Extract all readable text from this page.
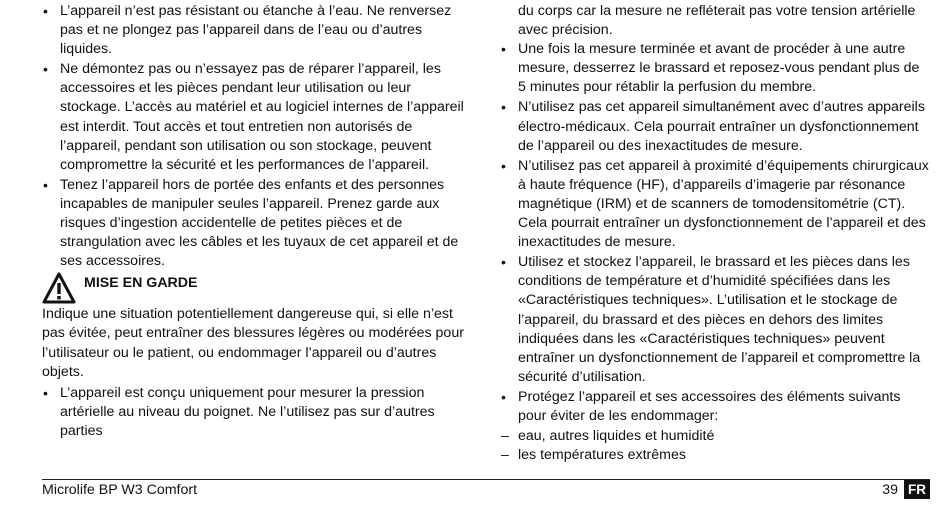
• L’appareil n’est pas résistant ou étanche à l’eau. Ne renversez pas et ne plongez pas l’appareil dans de l’eau ou d’autres liquides.
• Ne démontez pas ou n’essayez pas de réparer l’appareil, les accessoires et les pièces pendant leur utilisation ou leur stockage. L’accès au matériel et au logiciel internes de l’appareil est interdit. Tout accès et tout entretien non autorisés de l’appareil, pendant son utilisation ou son stockage, peuvent compromettre la sécurité et les performances de l’appareil.
• Tenez l’appareil hors de portée des enfants et des personnes incapables de manipuler seules l’appareil. Prenez garde aux risques d’ingestion accidentelle de petites pièces et de strangulation avec les câbles et les tuyaux de cet appareil et de ses accessoires.
MISE EN GARDE
Indique une situation potentiellement dangereuse qui, si elle n’est pas évitée, peut entraîner des blessures légères ou modérées pour l’utilisateur ou le patient, ou endommager l’appareil ou d’autres objets.
• L’appareil est conçu uniquement pour mesurer la pression artérielle au niveau du poignet. Ne l’utilisez pas sur d’autres parties
du corps car la mesure ne refléterait pas votre tension artérielle avec précision.
• Une fois la mesure terminée et avant de procéder à une autre mesure, desserrez le brassard et reposez-vous pendant plus de 5 minutes pour rétablir la perfusion du membre.
• N’utilisez pas cet appareil simultanément avec d’autres appareils électro-médicaux. Cela pourrait entraîner un dysfonctionnement de l’appareil ou des inexactitudes de mesure.
• N’utilisez pas cet appareil à proximité d’équipements chirurgicaux à haute fréquence (HF), d’appareils d’imagerie par résonance magnétique (IRM) et de scanners de tomodensitométrie (CT). Cela pourrait entraîner un dysfonctionnement de l’appareil et des inexactitudes de mesure.
• Utilisez et stockez l’appareil, le brassard et les pièces dans les conditions de température et d’humidité spécifiées dans les «Caractéristiques techniques». L’utilisation et le stockage de l’appareil, du brassard et des pièces en dehors des limites indiquées dans les «Caractéristiques techniques» peuvent entraîner un dysfonctionnement de l’appareil et compromettre la sécurité d’utilisation.
• Protégez l’appareil et ses accessoires des éléments suivants pour éviter de les endommager:
– eau, autres liquides et humidité
– les températures extrêmes
Microlife BP W3 Comfort	39 FR
